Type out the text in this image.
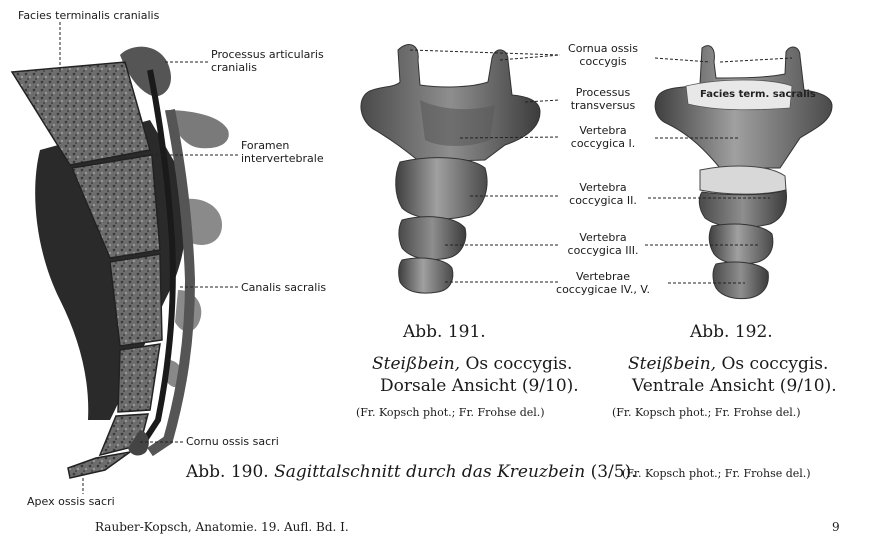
Facies terminalis cranialis
Processus articularis
cranialis
Foramen
intervertebrale
Canalis sacralis
Cornu ossis sacri
Apex ossis sacri
Cornua ossis
coccygis
Processus
transversus
Vertebra
coccygica I.
Vertebra
coccygica II.
Vertebra
coccygica III.
Vertebrae
coccygicae IV., V.
Facies term. sacralis
Abb. 191.
Steißbein, Os coccygis.
Dorsale Ansicht (9/10).
(Fr. Kopsch phot.; Fr. Frohse del.)
Abb. 192.
Steißbein, Os coccygis.
Ventrale Ansicht (9/10).
(Fr. Kopsch phot.; Fr. Frohse del.)
Abb. 190. Sagittalschnitt durch das Kreuzbein (3/5).
(Fr. Kopsch phot.; Fr. Frohse del.)
Rauber-Kopsch, Anatomie. 19. Aufl. Bd. I.	9
